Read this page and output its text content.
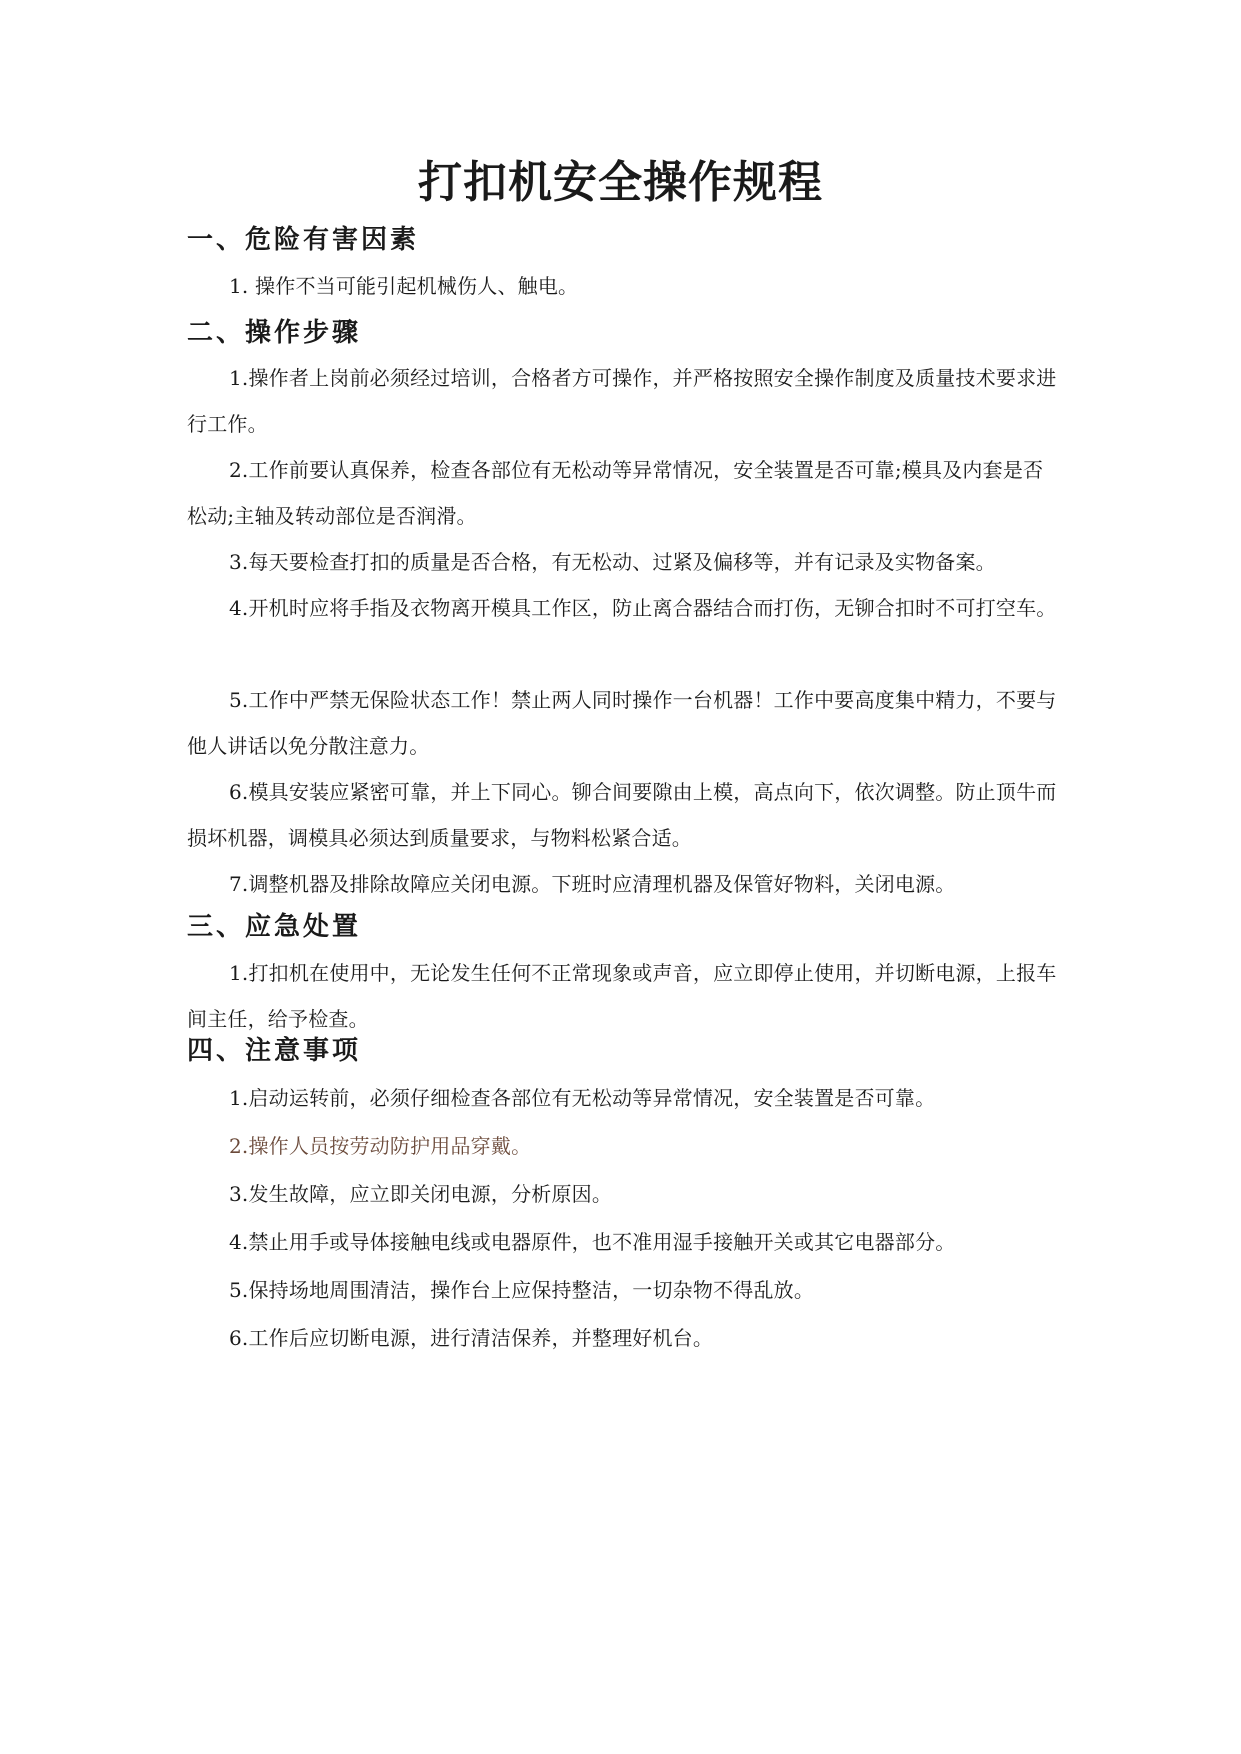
打扣机安全操作规程
一、危险有害因素
1. 操作不当可能引起机械伤人、触电。
二、操作步骤
1.操作者上岗前必须经过培训，合格者方可操作，并严格按照安全操作制度及质量技术要求进行工作。
2.工作前要认真保养，检查各部位有无松动等异常情况，安全装置是否可靠;模具及内套是否松动;主轴及转动部位是否润滑。
3.每天要检查打扣的质量是否合格，有无松动、过紧及偏移等，并有记录及实物备案。
4.开机时应将手指及衣物离开模具工作区，防止离合器结合而打伤，无铆合扣时不可打空车。
5.工作中严禁无保险状态工作！禁止两人同时操作一台机器！工作中要高度集中精力，不要与他人讲话以免分散注意力。
6.模具安装应紧密可靠，并上下同心。铆合间要隙由上模，高点向下，依次调整。防止顶牛而损坏机器，调模具必须达到质量要求，与物料松紧合适。
7.调整机器及排除故障应关闭电源。下班时应清理机器及保管好物料，关闭电源。
三、应急处置
1.打扣机在使用中，无论发生任何不正常现象或声音，应立即停止使用，并切断电源，上报车间主任，给予检查。
四、注意事项
1.启动运转前，必须仔细检查各部位有无松动等异常情况，安全装置是否可靠。
2.操作人员按劳动防护用品穿戴。
3.发生故障，应立即关闭电源，分析原因。
4.禁止用手或导体接触电线或电器原件，也不准用湿手接触开关或其它电器部分。
5.保持场地周围清洁，操作台上应保持整洁，一切杂物不得乱放。
6.工作后应切断电源，进行清洁保养，并整理好机台。
